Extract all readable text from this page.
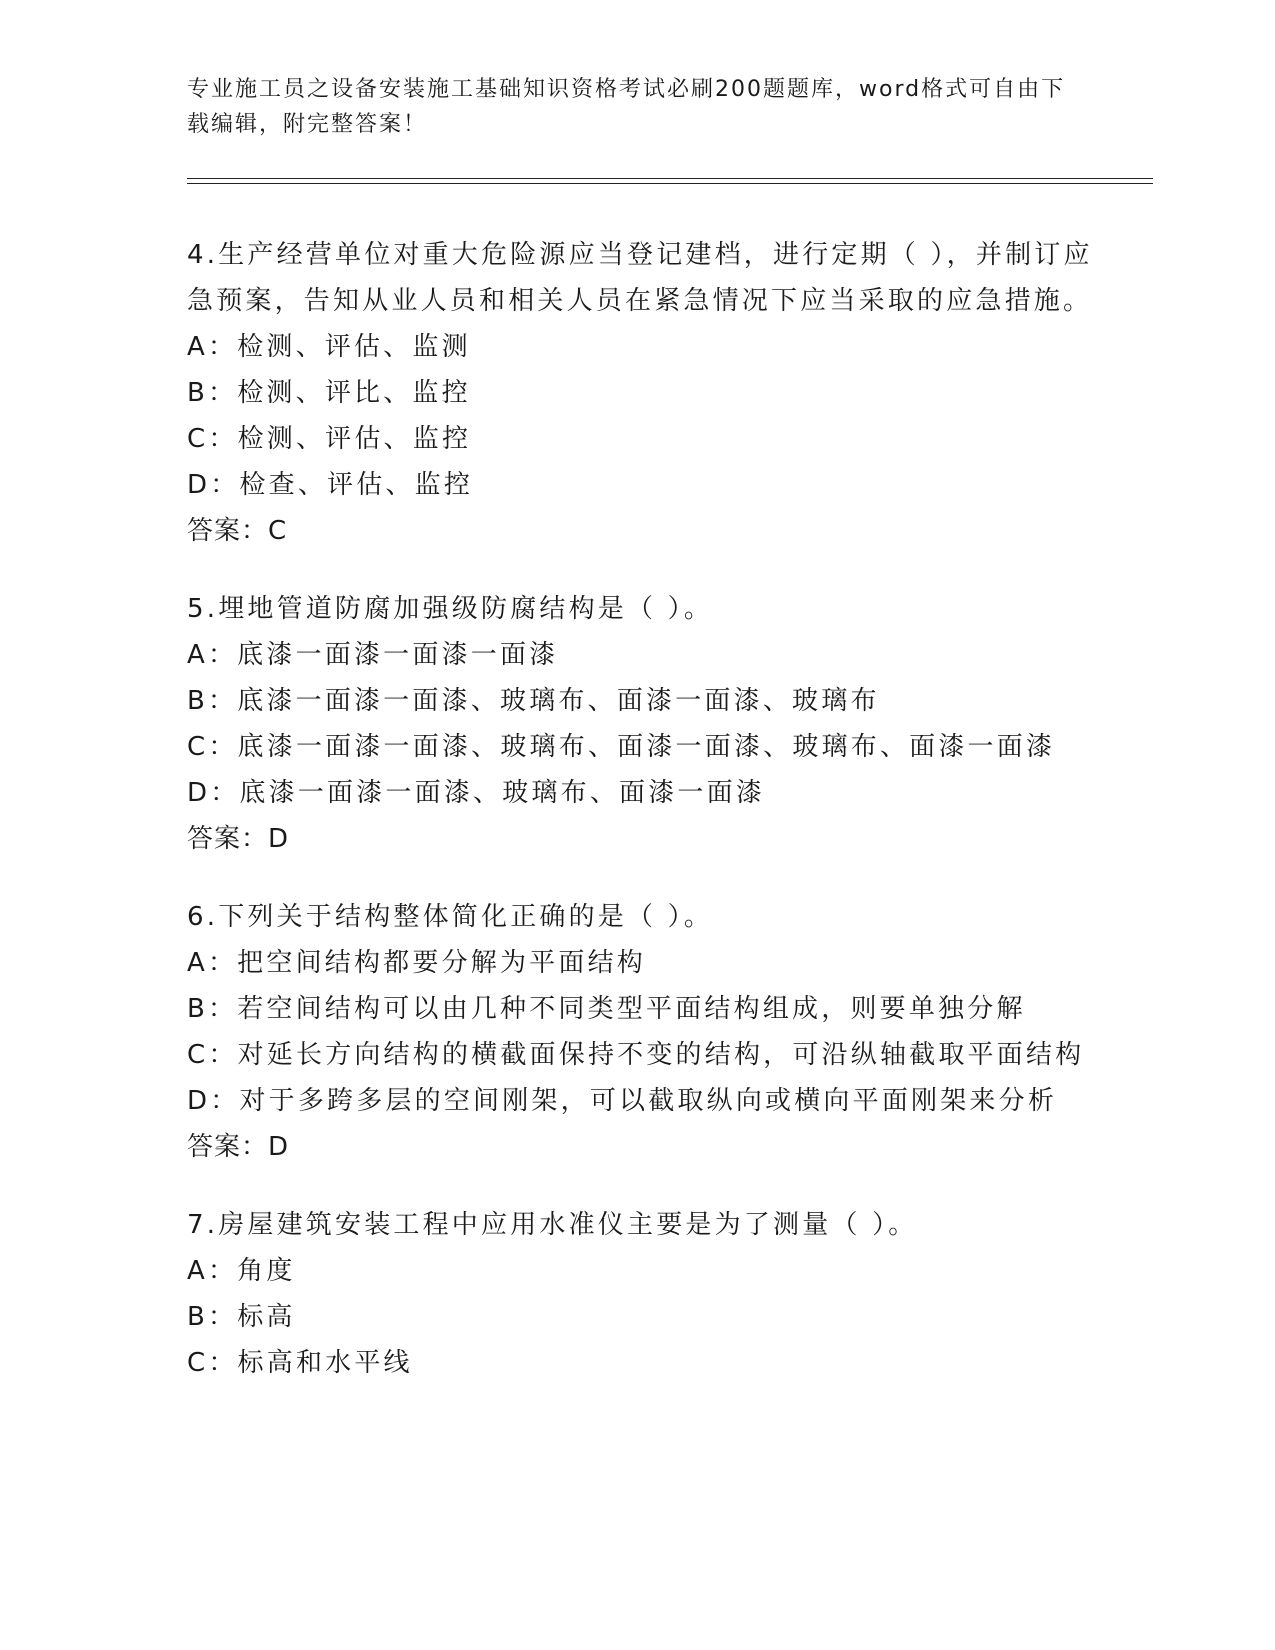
专业施工员之设备安装施工基础知识资格考试必刷200题题库，word格式可自由下载编辑，附完整答案！
4.生产经营单位对重大危险源应当登记建档，进行定期（ ），并制订应急预案，告知从业人员和相关人员在紧急情况下应当采取的应急措施。
A：检测、评估、监测
B：检测、评比、监控
C：检测、评估、监控
D：检查、评估、监控
答案：C
5.埋地管道防腐加强级防腐结构是（ ）。
A：底漆一面漆一面漆一面漆
B：底漆一面漆一面漆、玻璃布、面漆一面漆、玻璃布
C：底漆一面漆一面漆、玻璃布、面漆一面漆、玻璃布、面漆一面漆
D：底漆一面漆一面漆、玻璃布、面漆一面漆
答案：D
6.下列关于结构整体简化正确的是（ ）。
A：把空间结构都要分解为平面结构
B：若空间结构可以由几种不同类型平面结构组成，则要单独分解
C：对延长方向结构的横截面保持不变的结构，可沿纵轴截取平面结构
D：对于多跨多层的空间刚架，可以截取纵向或横向平面刚架来分析
答案：D
7.房屋建筑安装工程中应用水准仪主要是为了测量（ ）。
A：角度
B：标高
C：标高和水平线
